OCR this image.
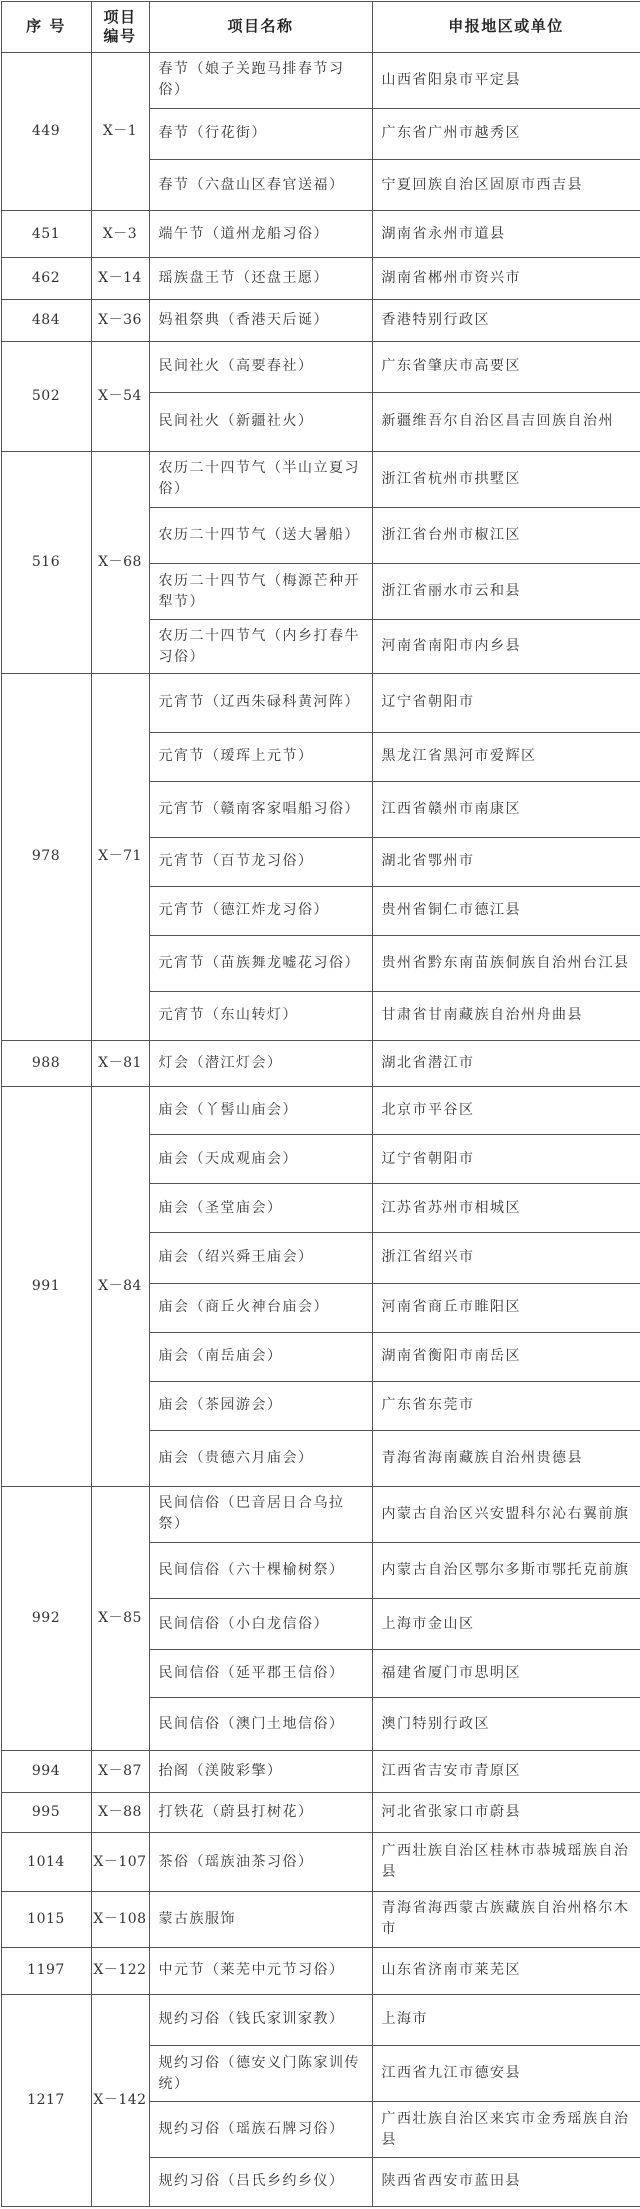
序 号	项目编号	项目名称	申报地区或单位
449	Ⅹ－1	春节（娘子关跑马排春节习俗）	山西省阳泉市平定县
		春节（行花街）	广东省广州市越秀区
		春节（六盘山区春官送福）	宁夏回族自治区固原市西吉县
451	Ⅹ－3	端午节（道州龙船习俗）	湖南省永州市道县
462	Ⅹ－14	瑶族盘王节（还盘王愿）	湖南省郴州市资兴市
484	Ⅹ－36	妈祖祭典（香港天后诞）	香港特别行政区
502	Ⅹ－54	民间社火（高要春社）	广东省肇庆市高要区
		民间社火（新疆社火）	新疆维吾尔自治区昌吉回族自治州
516	Ⅹ－68	农历二十四节气（半山立夏习俗）	浙江省杭州市拱墅区
		农历二十四节气（送大暑船）	浙江省台州市椒江区
		农历二十四节气（梅源芒种开犁节）	浙江省丽水市云和县
		农历二十四节气（内乡打春牛习俗）	河南省南阳市内乡县
978	Ⅹ－71	元宵节（辽西朱碌科黄河阵）	辽宁省朝阳市
		元宵节（瑷珲上元节）	黑龙江省黑河市爱辉区
		元宵节（赣南客家唱船习俗）	江西省赣州市南康区
		元宵节（百节龙习俗）	湖北省鄂州市
		元宵节（德江炸龙习俗）	贵州省铜仁市德江县
		元宵节（苗族舞龙嘘花习俗）	贵州省黔东南苗族侗族自治州台江县
		元宵节（东山转灯）	甘肃省甘南藏族自治州舟曲县
988	Ⅹ－81	灯会（潜江灯会）	湖北省潜江市
991	Ⅹ－84	庙会（丫髻山庙会）	北京市平谷区
		庙会（天成观庙会）	辽宁省朝阳市
		庙会（圣堂庙会）	江苏省苏州市相城区
		庙会（绍兴舜王庙会）	浙江省绍兴市
		庙会（商丘火神台庙会）	河南省商丘市睢阳区
		庙会（南岳庙会）	湖南省衡阳市南岳区
		庙会（茶园游会）	广东省东莞市
		庙会（贵德六月庙会）	青海省海南藏族自治州贵德县
992	Ⅹ－85	民间信俗（巴音居日合乌拉祭）	内蒙古自治区兴安盟科尔沁右翼前旗
		民间信俗（六十棵榆树祭）	内蒙古自治区鄂尔多斯市鄂托克前旗
		民间信俗（小白龙信俗）	上海市金山区
		民间信俗（延平郡王信俗）	福建省厦门市思明区
		民间信俗（澳门土地信俗）	澳门特别行政区
994	Ⅹ－87	抬阁（渼陂彩擎）	江西省吉安市青原区
995	Ⅹ－88	打铁花（蔚县打树花）	河北省张家口市蔚县
1014	Ⅹ－107	茶俗（瑶族油茶习俗）	广西壮族自治区桂林市恭城瑶族自治县
1015	Ⅹ－108	蒙古族服饰	青海省海西蒙古族藏族自治州格尔木市
1197	Ⅹ－122	中元节（莱芜中元节习俗）	山东省济南市莱芜区
1217	Ⅹ－142	规约习俗（钱氏家训家教）	上海市
		规约习俗（德安义门陈家训传统）	江西省九江市德安县
		规约习俗（瑶族石牌习俗）	广西壮族自治区来宾市金秀瑶族自治县
		规约习俗（吕氏乡约乡仪）	陕西省西安市蓝田县
